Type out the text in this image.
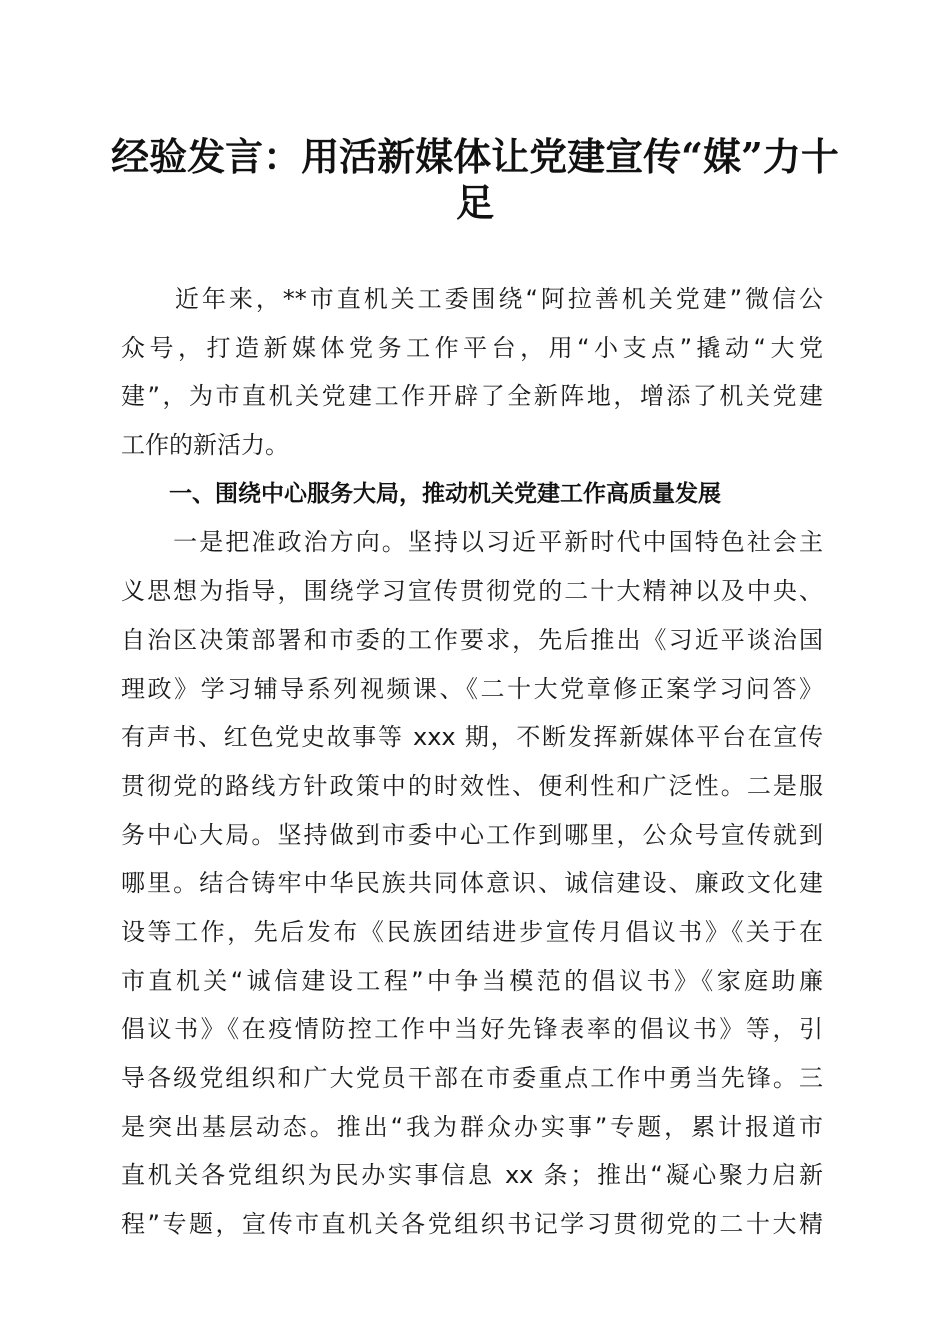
经验发言：用活新媒体让党建宣传“媒”力十
足
　　近年来，**市直机关工委围绕“阿拉善机关党建”微信公
众号，打造新媒体党务工作平台，用“小支点”撬动“大党
建”，为市直机关党建工作开辟了全新阵地，增添了机关党建
工作的新活力。
一、围绕中心服务大局，推动机关党建工作高质量发展
　　一是把准政治方向。坚持以习近平新时代中国特色社会主
义思想为指导，围绕学习宣传贯彻党的二十大精神以及中央、
自治区决策部署和市委的工作要求，先后推出《习近平谈治国
理政》学习辅导系列视频课、《二十大党章修正案学习问答》
有声书、红色党史故事等 xxx 期，不断发挥新媒体平台在宣传
贯彻党的路线方针政策中的时效性、便利性和广泛性。二是服
务中心大局。坚持做到市委中心工作到哪里，公众号宣传就到
哪里。结合铸牢中华民族共同体意识、诚信建设、廉政文化建
设等工作，先后发布《民族团结进步宣传月倡议书》《关于在
市直机关“诚信建设工程”中争当模范的倡议书》《家庭助廉
倡议书》《在疫情防控工作中当好先锋表率的倡议书》等，引
导各级党组织和广大党员干部在市委重点工作中勇当先锋。三
是突出基层动态。推出“我为群众办实事”专题，累计报道市
直机关各党组织为民办实事信息 xx 条；推出“凝心聚力启新
程”专题，宣传市直机关各党组织书记学习贯彻党的二十大精
